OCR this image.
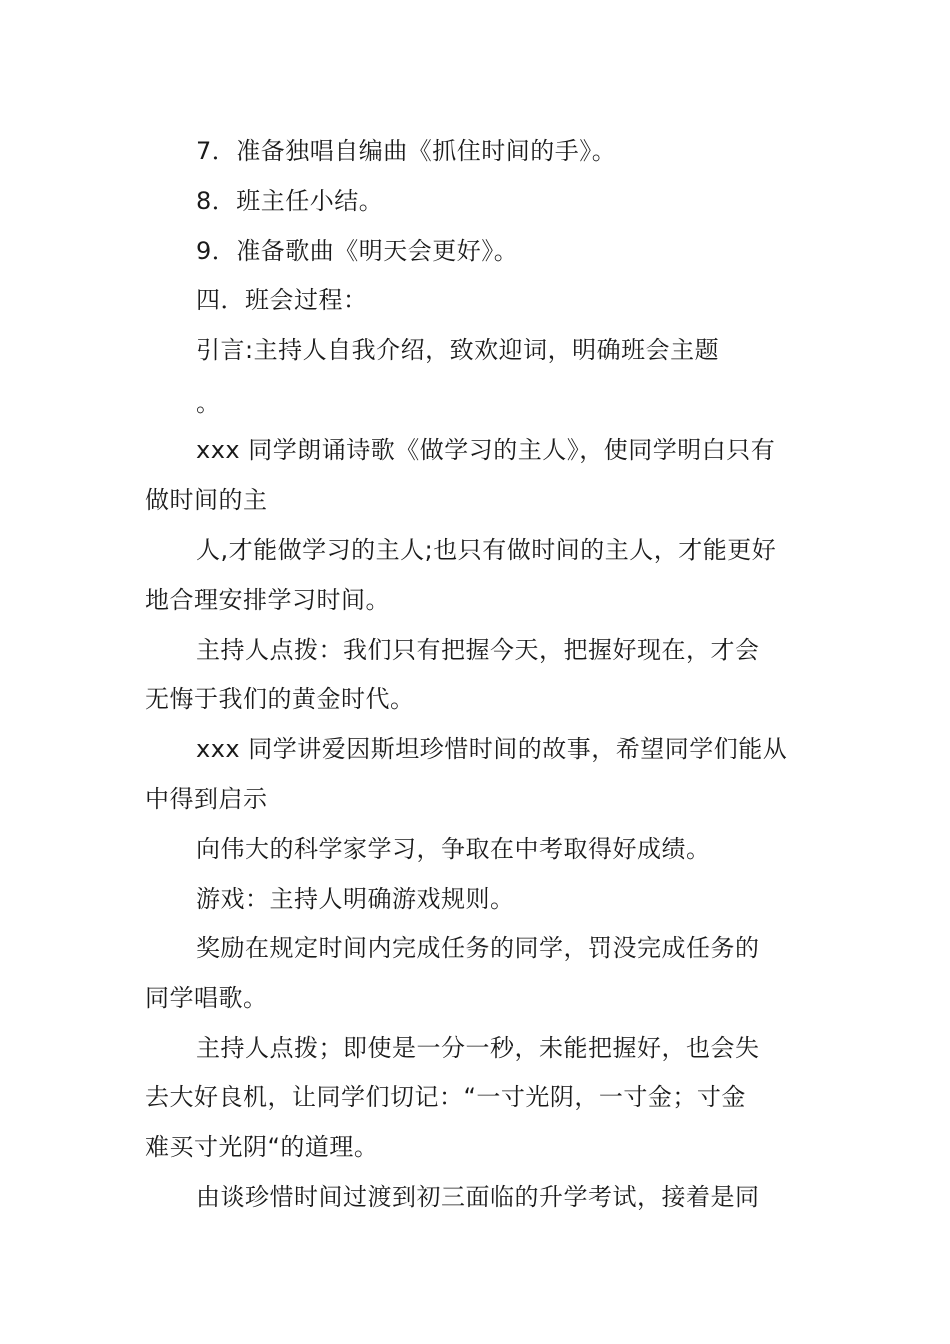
7．准备独唱自编曲《抓住时间的手》。
8．班主任小结。
9．准备歌曲《明天会更好》。
四．班会过程：
引言:主持人自我介绍，致欢迎词，明确班会主题
。
xxx 同学朗诵诗歌《做学习的主人》，使同学明白只有
做时间的主
人,才能做学习的主人;也只有做时间的主人，才能更好
地合理安排学习时间。
主持人点拨：我们只有把握今天，把握好现在，才会
无悔于我们的黄金时代。
xxx 同学讲爱因斯坦珍惜时间的故事，希望同学们能从
中得到启示
向伟大的科学家学习，争取在中考取得好成绩。
游戏：主持人明确游戏规则。
奖励在规定时间内完成任务的同学，罚没完成任务的
同学唱歌。
主持人点拨；即使是一分一秒，未能把握好，也会失
去大好良机，让同学们切记：“一寸光阴，一寸金；寸金
难买寸光阴“的道理。
由谈珍惜时间过渡到初三面临的升学考试，接着是同
